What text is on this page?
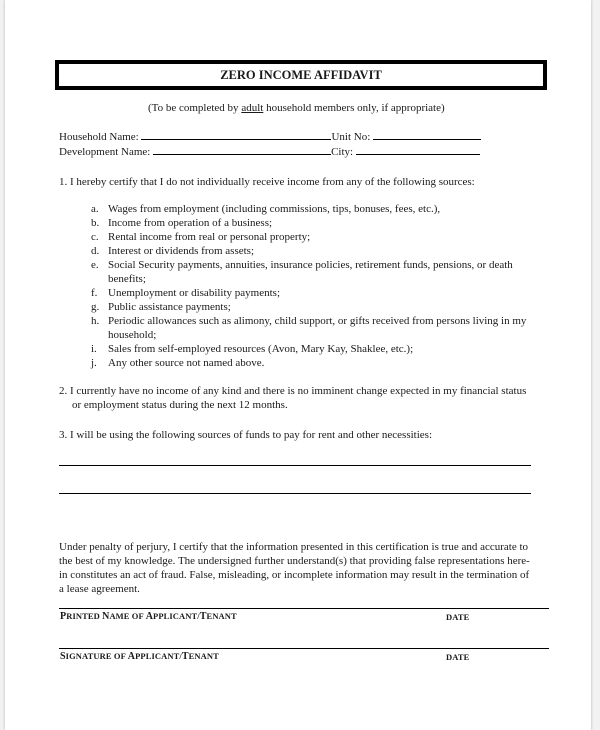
ZERO INCOME AFFIDAVIT
(To be completed by adult household members only, if appropriate)
Household Name:	Unit No:
Development Name:	City:
1. I hereby certify that I do not individually receive income from any of the following sources:
a. Wages from employment (including commissions, tips, bonuses, fees, etc.),
b. Income from operation of a business;
c. Rental income from real or personal property;
d. Interest or dividends from assets;
e. Social Security payments, annuities, insurance policies, retirement funds, pensions, or death
benefits;
f. Unemployment or disability payments;
g. Public assistance payments;
h. Periodic allowances such as alimony, child support, or gifts received from persons living in my
household;
i.	Sales from self-employed resources (Avon, Mary Kay, Shaklee, etc.);
j.	Any other source not named above.
2. I currently have no income of any kind and there is no imminent change expected in my financial status
or employment status during the next 12 months.
3. I will be using the following sources of funds to pay for rent and other necessities:
Under penalty of perjury, I certify that the information presented in this certification is true and accurate to
the best of my knowledge. The undersigned further understand(s) that providing false representations here-
in constitutes an act of fraud. False, misleading, or incomplete information may result in the termination of
a lease agreement.
PRINTED NAME OF APPLICANT/TENANT	DATE
SIGNATURE OF APPLICANT/TENANT	DATE
